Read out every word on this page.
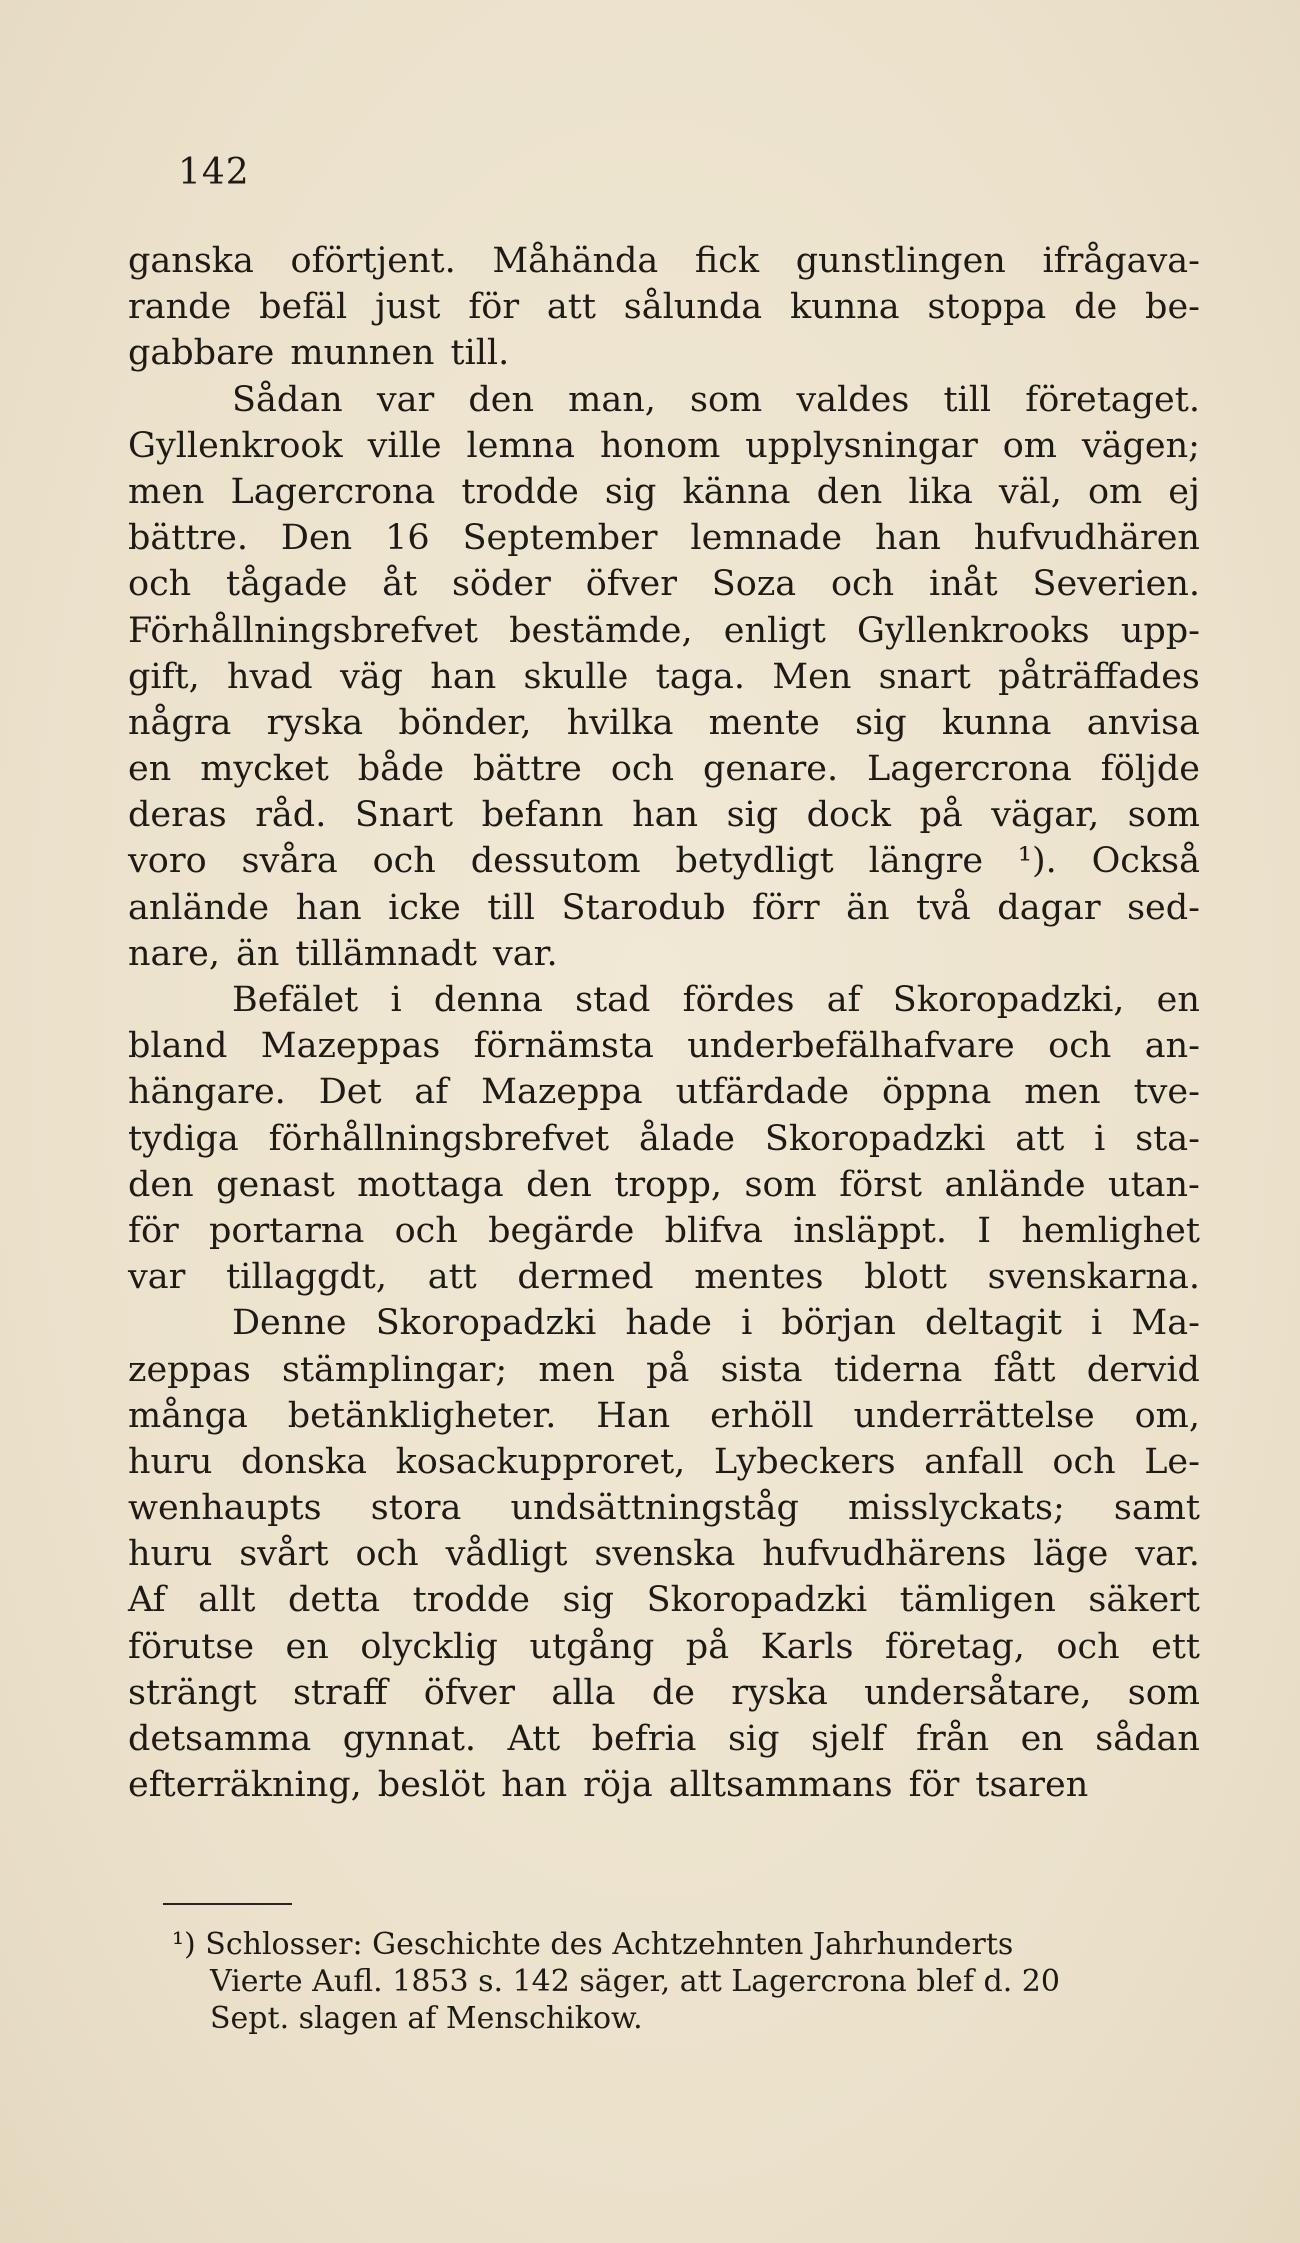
142
ganska oförtjent. Måhända fick gunstlingen ifrågava-
rande befäl just för att sålunda kunna stoppa de be-
gabbare munnen till.
Sådan var den man, som valdes till företaget.
Gyllenkrook ville lemna honom upplysningar om vägen;
men Lagercrona trodde sig känna den lika väl, om ej
bättre. Den 16 September lemnade han hufvudhären
och tågade åt söder öfver Soza och inåt Severien.
Förhållningsbrefvet bestämde, enligt Gyllenkrooks upp-
gift, hvad väg han skulle taga. Men snart påträffades
några ryska bönder, hvilka mente sig kunna anvisa
en mycket både bättre och genare. Lagercrona följde
deras råd. Snart befann han sig dock på vägar, som
voro svåra och dessutom betydligt längre ¹). Också
anlände han icke till Starodub förr än två dagar sed-
nare, än tillämnadt var.
Befälet i denna stad fördes af Skoropadzki, en
bland Mazeppas förnämsta underbefälhafvare och an-
hängare. Det af Mazeppa utfärdade öppna men tve-
tydiga förhållningsbrefvet ålade Skoropadzki att i sta-
den genast mottaga den tropp, som först anlände utan-
för portarna och begärde blifva insläppt. I hemlighet
var tillaggdt, att dermed mentes blott svenskarna.
Denne Skoropadzki hade i början deltagit i Ma-
zeppas stämplingar; men på sista tiderna fått dervid
många betänkligheter. Han erhöll underrättelse om,
huru donska kosackupproret, Lybeckers anfall och Le-
wenhaupts stora undsättningståg misslyckats; samt
huru svårt och vådligt svenska hufvudhärens läge var.
Af allt detta trodde sig Skoropadzki tämligen säkert
förutse en olycklig utgång på Karls företag, och ett
strängt straff öfver alla de ryska undersåtare, som
detsamma gynnat. Att befria sig sjelf från en sådan
efterräkning, beslöt han röja alltsammans för tsaren
¹) Schlosser: Geschichte des Achtzehnten Jahrhunderts
Vierte Aufl. 1853 s. 142 säger, att Lagercrona blef d. 20
Sept. slagen af Menschikow.
